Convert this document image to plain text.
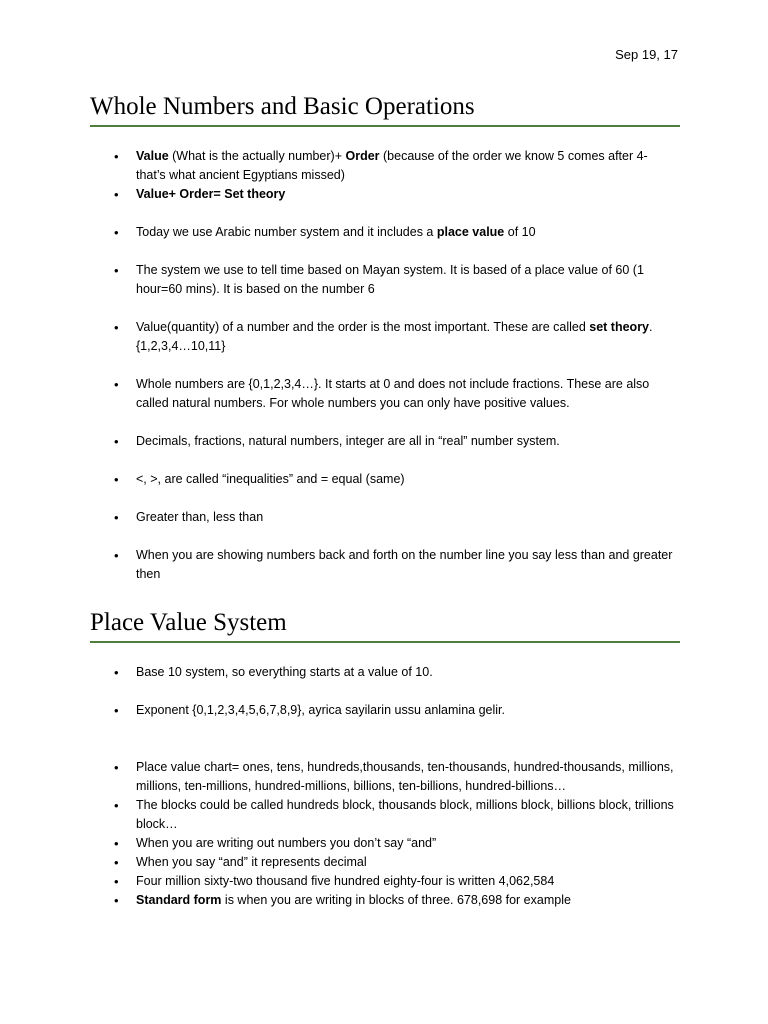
Sep 19, 17
Whole Numbers and Basic Operations
• Value (What is the actually number)+ Order (because of the order we know 5 comes after 4- that’s what ancient Egyptians missed)
• Value+ Order= Set theory
• Today we use Arabic number system and it includes a place value of 10
• The system we use to tell time based on Mayan system. It is based of a place value of 60 (1 hour=60 mins). It is based on the number 6
• Value(quantity) of a number and the order is the most important. These are called set theory. {1,2,3,4…10,11}
• Whole numbers are {0,1,2,3,4…}. It starts at 0 and does not include fractions. These are also called natural numbers. For whole numbers you can only have positive values.
• Decimals, fractions, natural numbers, integer are all in “real” number system.
• <, >, are called “inequalities” and = equal (same)
• Greater than, less than
• When you are showing numbers back and forth on the number line you say less than and greater then
Place Value System
• Base 10 system, so everything starts at a value of 10.
• Exponent {0,1,2,3,4,5,6,7,8,9}, ayrica sayilarin ussu anlamina gelir.
• Place value chart= ones, tens, hundreds,thousands, ten-thousands, hundred-thousands, millions, millions, ten-millions, hundred-millions, billions, ten-billions, hundred-billions…
• The blocks could be called hundreds block, thousands block, millions block, billions block, trillions block…
• When you are writing out numbers you don’t say “and”
• When you say “and” it represents decimal
• Four million sixty-two thousand five hundred eighty-four is written 4,062,584
• Standard form is when you are writing in blocks of three. 678,698 for example
